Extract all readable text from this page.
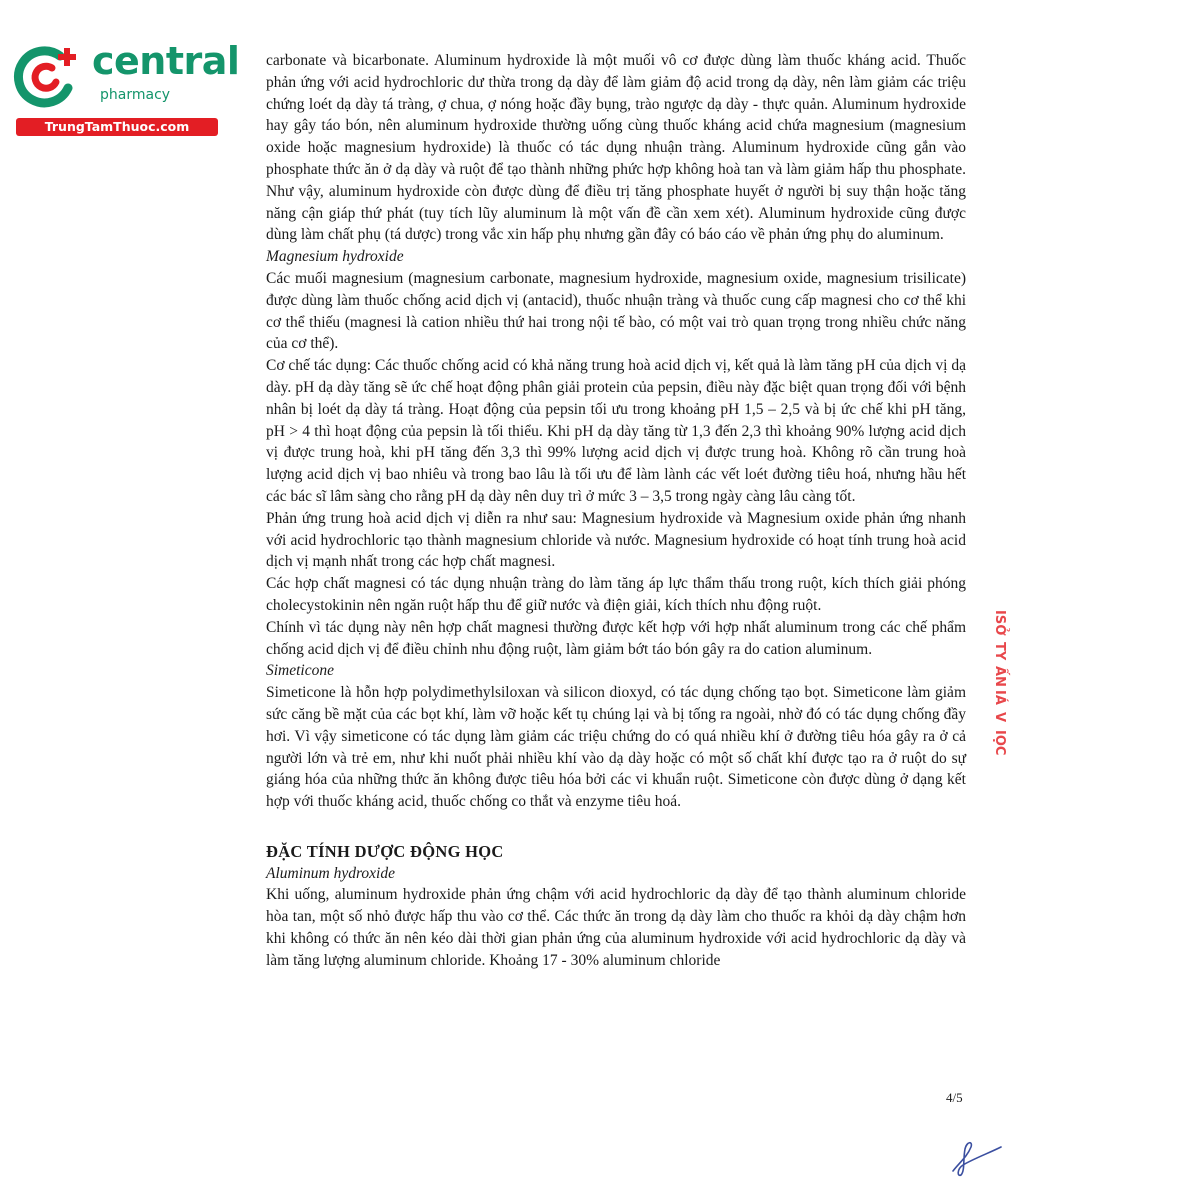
central
pharmacy
TrungTamThuoc.com

carbonate và bicarbonate. Aluminum hydroxide là một muối vô cơ được dùng làm thuốc kháng acid. Thuốc phản ứng với acid hydrochloric dư thừa trong dạ dày để làm giảm độ acid trong dạ dày, nên làm giảm các triệu chứng loét dạ dày tá tràng, ợ chua, ợ nóng hoặc đầy bụng, trào ngược dạ dày - thực quản. Aluminum hydroxide hay gây táo bón, nên aluminum hydroxide thường uống cùng thuốc kháng acid chứa magnesium (magnesium oxide hoặc magnesium hydroxide) là thuốc có tác dụng nhuận tràng. Aluminum hydroxide cũng gắn vào phosphate thức ăn ở dạ dày và ruột để tạo thành những phức hợp không hoà tan và làm giảm hấp thu phosphate. Như vậy, aluminum hydroxide còn được dùng để điều trị tăng phosphate huyết ở người bị suy thận hoặc tăng năng cận giáp thứ phát (tuy tích lũy aluminum là một vấn đề cần xem xét). Aluminum hydroxide cũng được dùng làm chất phụ (tá dược) trong vắc xin hấp phụ nhưng gần đây có báo cáo về phản ứng phụ do aluminum.

Magnesium hydroxide

Các muối magnesium (magnesium carbonate, magnesium hydroxide, magnesium oxide, magnesium trisilicate) được dùng làm thuốc chống acid dịch vị (antacid), thuốc nhuận tràng và thuốc cung cấp magnesi cho cơ thể khi cơ thể thiếu (magnesi là cation nhiều thứ hai trong nội tế bào, có một vai trò quan trọng trong nhiều chức năng của cơ thể).

Cơ chế tác dụng: Các thuốc chống acid có khả năng trung hoà acid dịch vị, kết quả là làm tăng pH của dịch vị dạ dày. pH dạ dày tăng sẽ ức chế hoạt động phân giải protein của pepsin, điều này đặc biệt quan trọng đối với bệnh nhân bị loét dạ dày tá tràng. Hoạt động của pepsin tối ưu trong khoảng pH 1,5 – 2,5 và bị ức chế khi pH tăng, pH > 4 thì hoạt động của pepsin là tối thiểu. Khi pH dạ dày tăng từ 1,3 đến 2,3 thì khoảng 90% lượng acid dịch vị được trung hoà, khi pH tăng đến 3,3 thì 99% lượng acid dịch vị được trung hoà. Không rõ cần trung hoà lượng acid dịch vị bao nhiêu và trong bao lâu là tối ưu để làm lành các vết loét đường tiêu hoá, nhưng hầu hết các bác sĩ lâm sàng cho rằng pH dạ dày nên duy trì ở mức 3 – 3,5 trong ngày càng lâu càng tốt.

Phản ứng trung hoà acid dịch vị diễn ra như sau: Magnesium hydroxide và Magnesium oxide phản ứng nhanh với acid hydrochloric tạo thành magnesium chloride và nước. Magnesium hydroxide có hoạt tính trung hoà acid dịch vị mạnh nhất trong các hợp chất magnesi.

Các hợp chất magnesi có tác dụng nhuận tràng do làm tăng áp lực thẩm thấu trong ruột, kích thích giải phóng cholecystokinin nên ngăn ruột hấp thu để giữ nước và điện giải, kích thích nhu động ruột.

Chính vì tác dụng này nên hợp chất magnesi thường được kết hợp với hợp nhất aluminum trong các chế phẩm chống acid dịch vị để điều chỉnh nhu động ruột, làm giảm bớt táo bón gây ra do cation aluminum.

Simeticone

Simeticone là hỗn hợp polydimethylsiloxan và silicon dioxyd, có tác dụng chống tạo bọt. Simeticone làm giảm sức căng bề mặt của các bọt khí, làm vỡ hoặc kết tụ chúng lại và bị tống ra ngoài, nhờ đó có tác dụng chống đầy hơi. Vì vậy simeticone có tác dụng làm giảm các triệu chứng do có quá nhiều khí ở đường tiêu hóa gây ra ở cả người lớn và trẻ em, như khi nuốt phải nhiều khí vào dạ dày hoặc có một số chất khí được tạo ra ở ruột do sự giáng hóa của những thức ăn không được tiêu hóa bởi các vi khuẩn ruột. Simeticone còn được dùng ở dạng kết hợp với thuốc kháng acid, thuốc chống co thắt và enzyme tiêu hoá.

ĐẶC TÍNH DƯỢC ĐỘNG HỌC

Aluminum hydroxide

Khi uống, aluminum hydroxide phản ứng chậm với acid hydrochloric dạ dày để tạo thành aluminum chloride hòa tan, một số nhỏ được hấp thu vào cơ thể. Các thức ăn trong dạ dày làm cho thuốc ra khỏi dạ dày chậm hơn khi không có thức ăn nên kéo dài thời gian phản ứng của aluminum hydroxide với acid hydrochloric dạ dày và làm tăng lượng aluminum chloride. Khoảng 17 - 30% aluminum chloride

4/5
ISỞ
TY
ẤN
IÁ
V
IỌC
